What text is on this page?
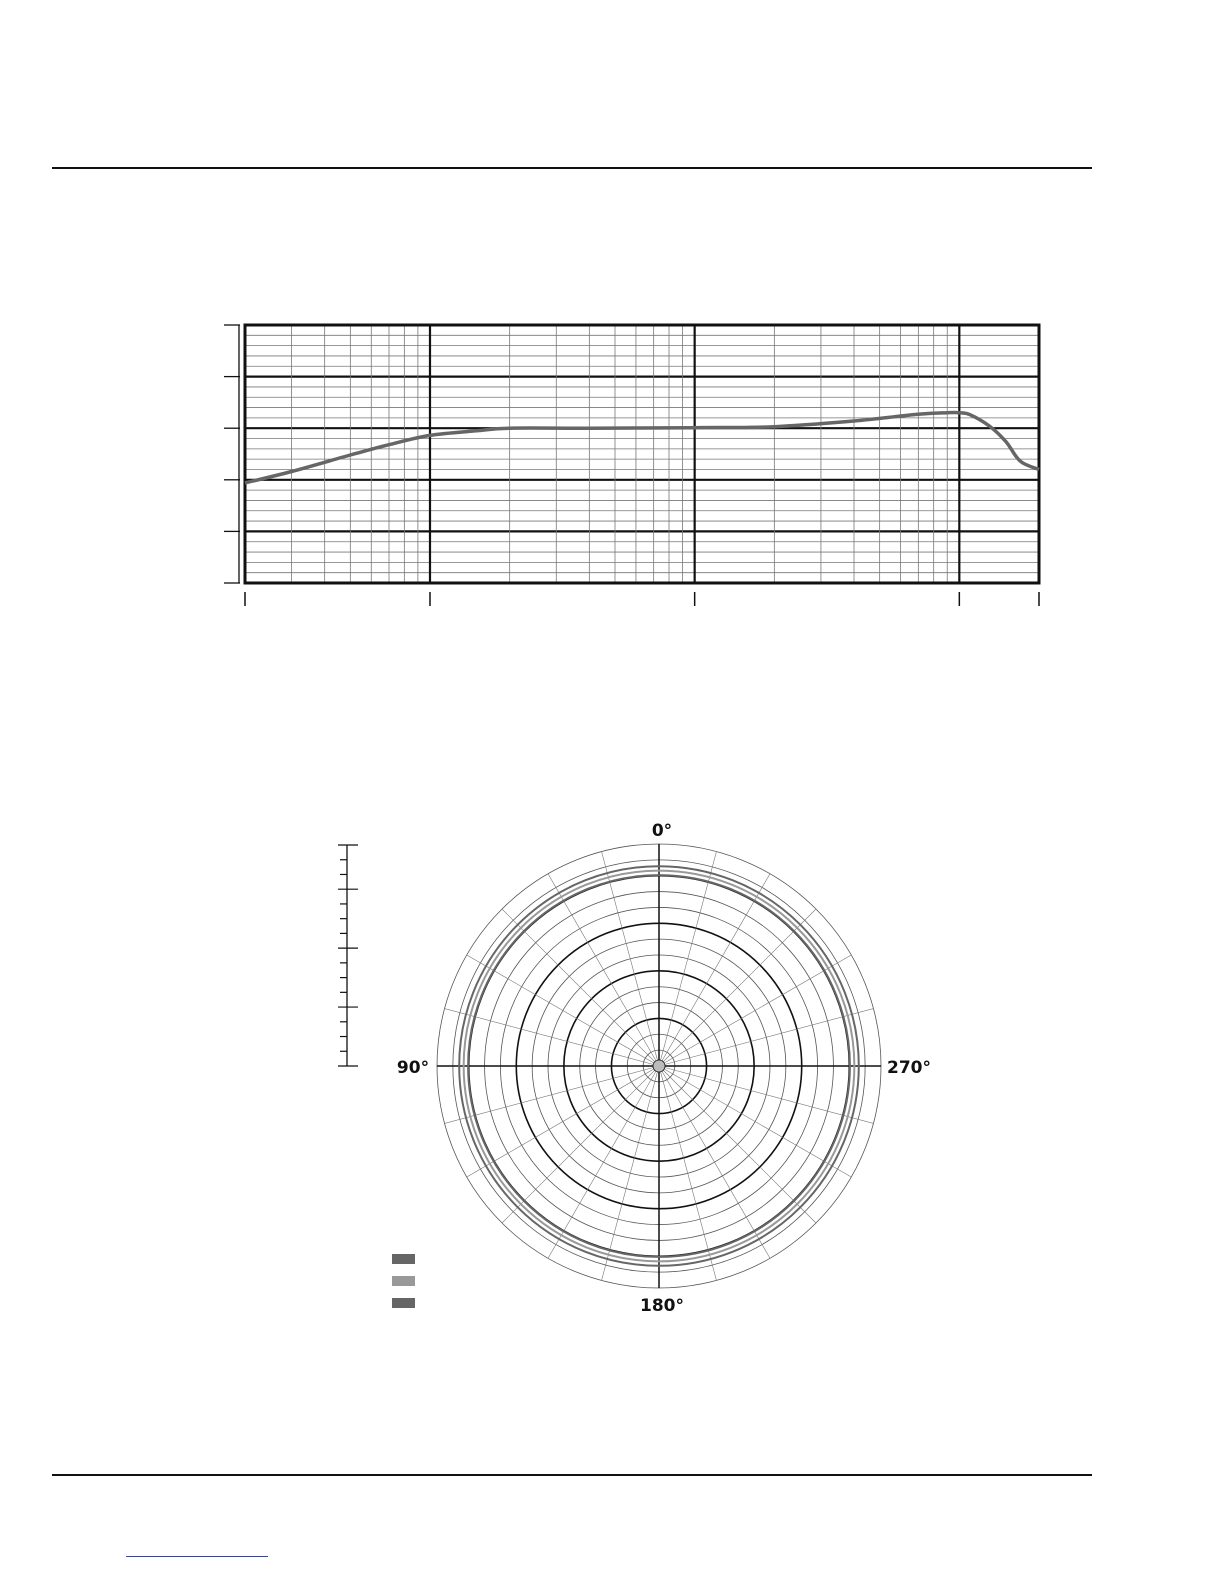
0°
90°
180°
270°
